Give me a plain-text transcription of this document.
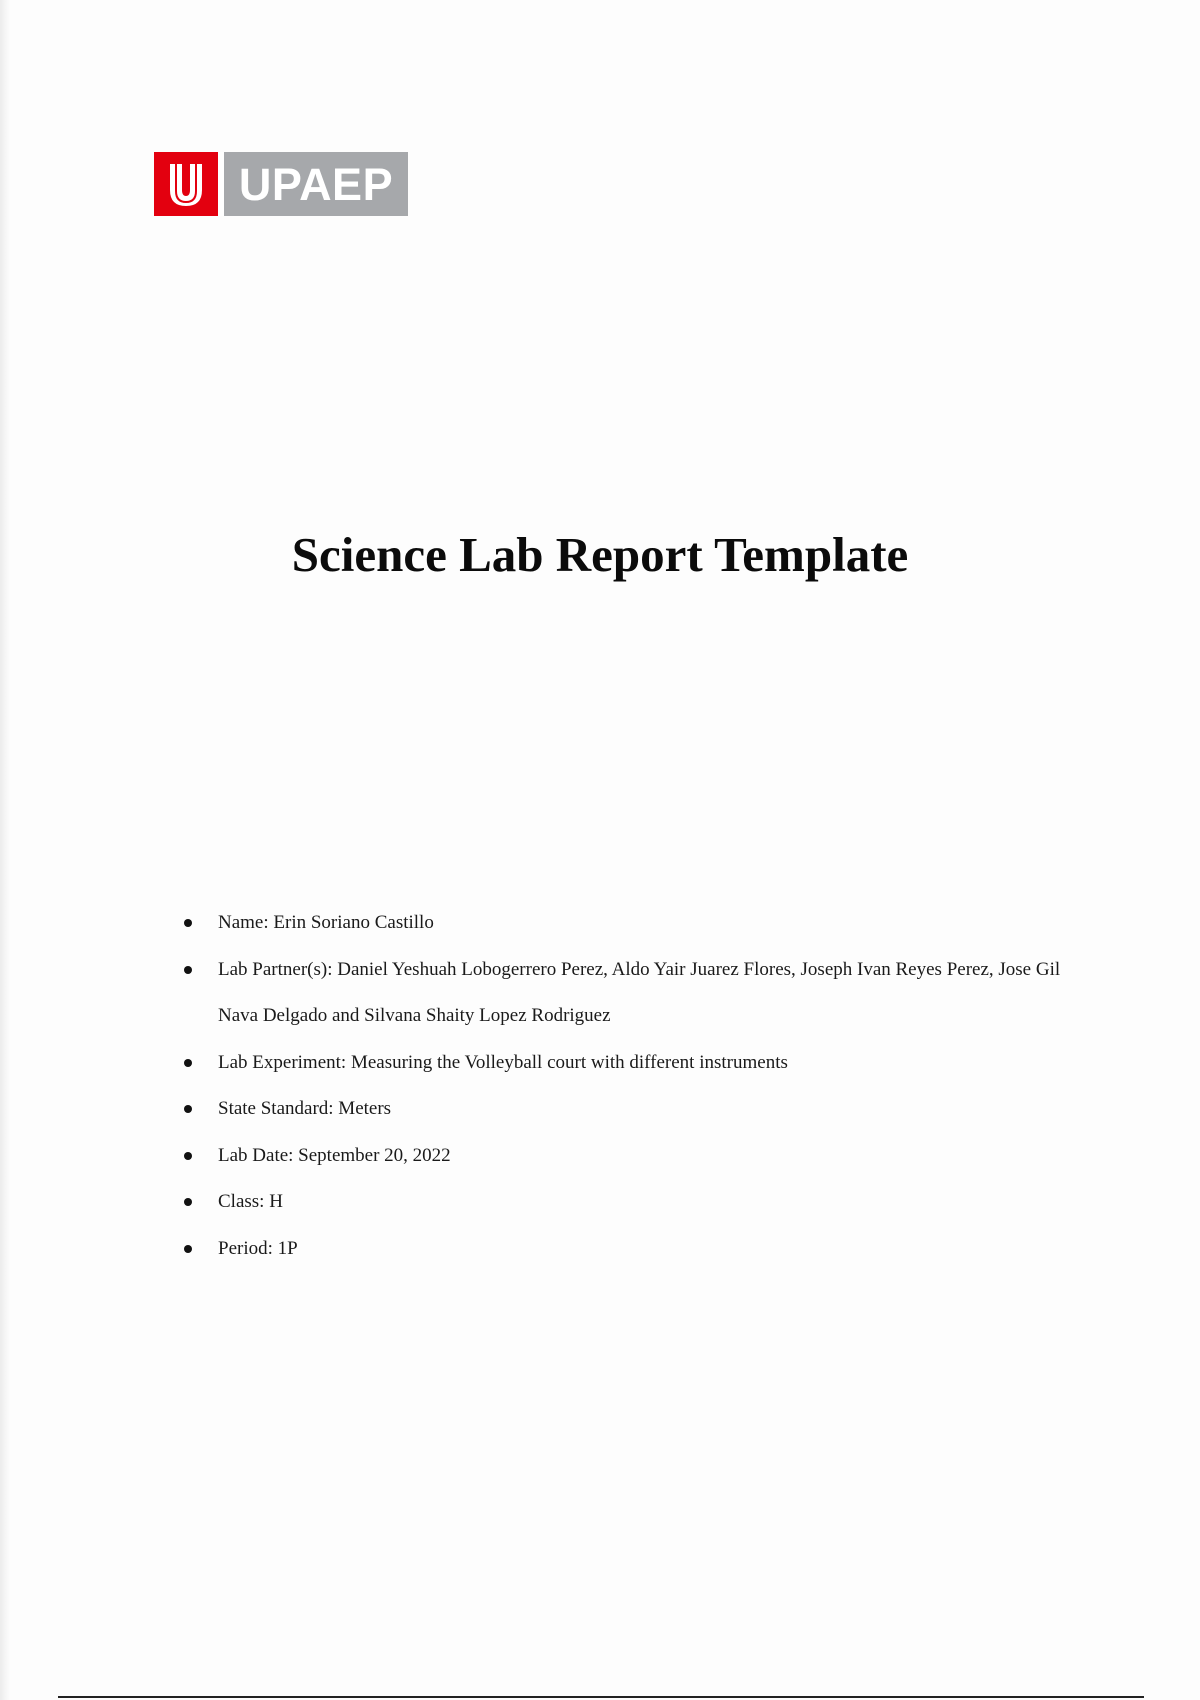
UPAEP
Science Lab Report Template
Name: Erin Soriano Castillo
Lab Partner(s): Daniel Yeshuah Lobogerrero Perez, Aldo Yair Juarez Flores, Joseph Ivan Reyes Perez, Jose Gil Nava Delgado and Silvana Shaity Lopez Rodriguez
Lab Experiment: Measuring the Volleyball court with different instruments
State Standard: Meters
Lab Date: September 20, 2022
Class: H
Period: 1P
